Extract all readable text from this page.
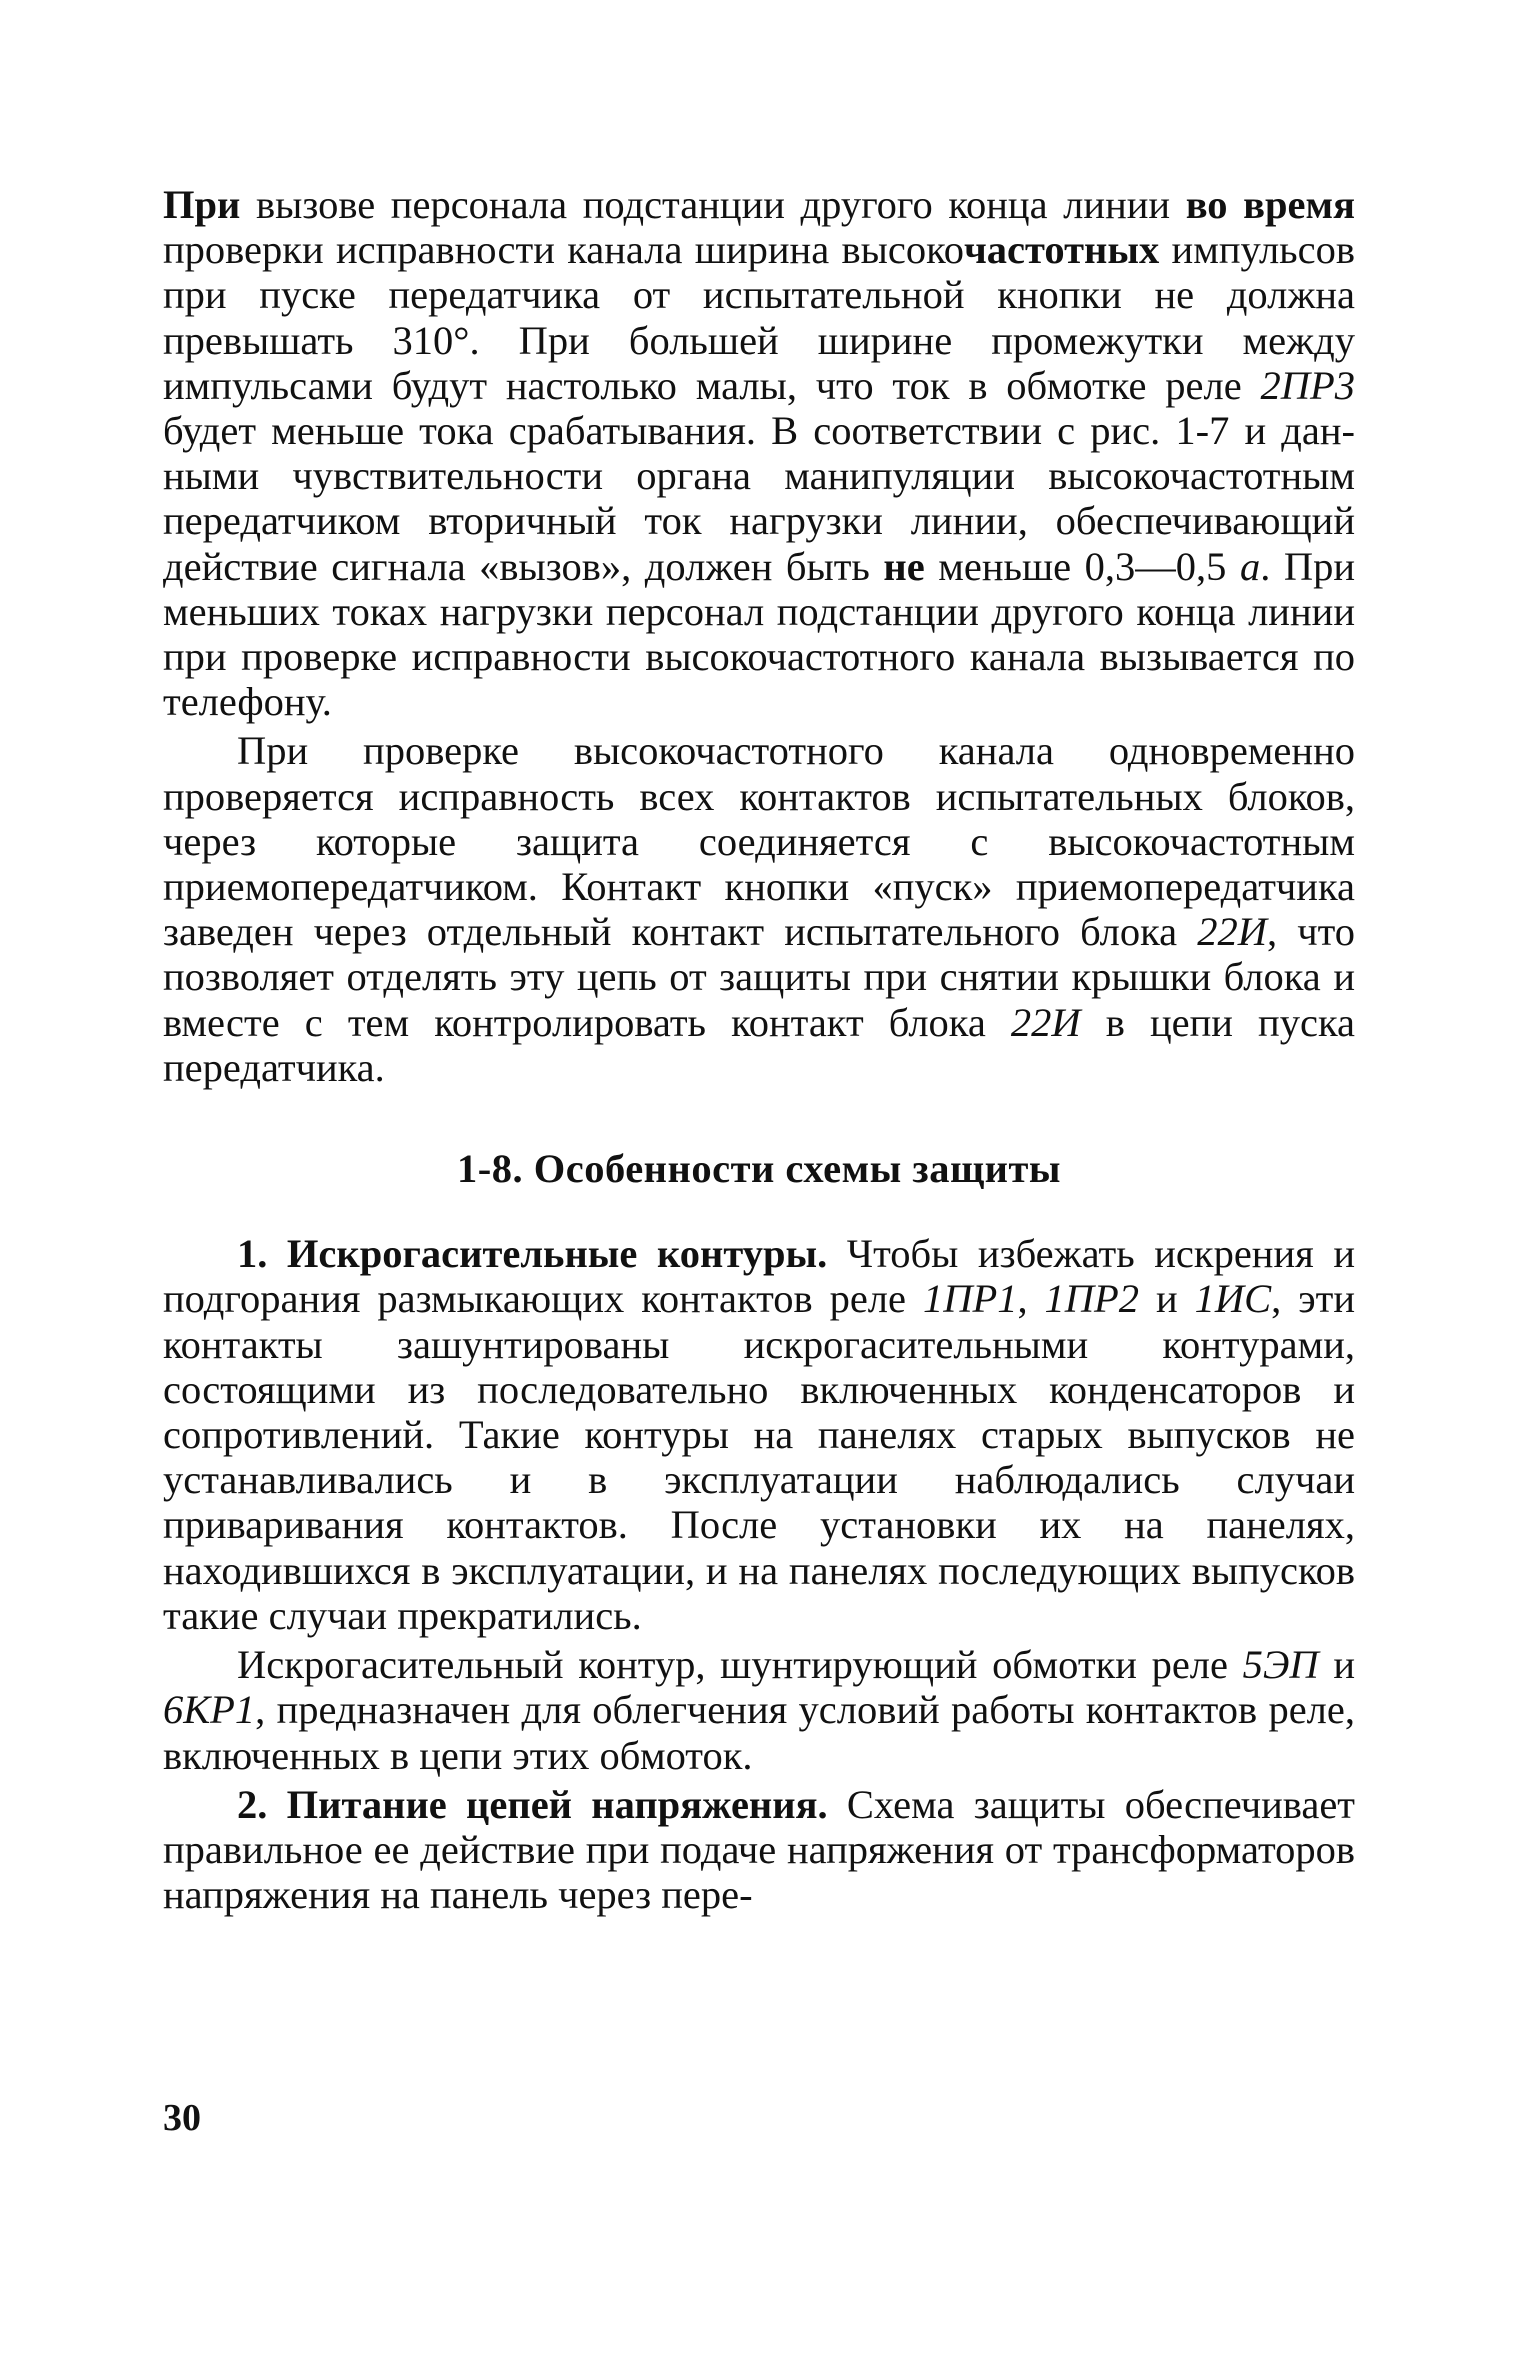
При вызове персонала подстанции другого конца линии во время проверки исправности канала ширина высокочастотных импульсов при пуске передатчика от испытательной кнопки не должна превышать 310°. При большей ширине промежутки между импульсами будут настолько малы, что ток в обмотке реле 2ПР3 будет меньше тока срабатывания. В соответствии с рис. 1-7 и данными чувствительности органа манипуляции высокочастотным передатчиком вторичный ток нагрузки линии, обеспечивающий действие сигнала «вызов», должен быть не меньше 0,3—0,5 а. При меньших токах нагрузки персонал подстанции другого конца линии при проверке исправности высокочастотного канала вызывается по телефону.

При проверке высокочастотного канала одновременно проверяется исправность всех контактов испытательных блоков, через которые защита соединяется с высокочастотным приемопередатчиком. Контакт кнопки «пуск» приемопередатчика заведен через отдельный контакт испытательного блока 22И, что позволяет отделять эту цепь от защиты при снятии крышки блока и вместе с тем контролировать контакт блока 22И в цепи пуска передатчика.

1-8. Особенности схемы защиты

1. Искрогасительные контуры. Чтобы избежать искрения и подгорания размыкающих контактов реле 1ПР1, 1ПР2 и 1ИС, эти контакты зашунтированы искрогасительными контурами, состоящими из последовательно включенных конденсаторов и сопротивлений. Такие контуры на панелях старых выпусков не устанавливались и в эксплуатации наблюдались случаи приваривания контактов. После установки их на панелях, находившихся в эксплуатации, и на панелях последующих выпусков такие случаи прекратились.

Искрогасительный контур, шунтирующий обмотки реле 5ЭП и 6КР1, предназначен для облегчения условий работы контактов реле, включенных в цепи этих обмоток.

2. Питание цепей напряжения. Схема защиты обеспечивает правильное ее действие при подаче напряжения от трансформаторов напряжения на панель через пере-

30
